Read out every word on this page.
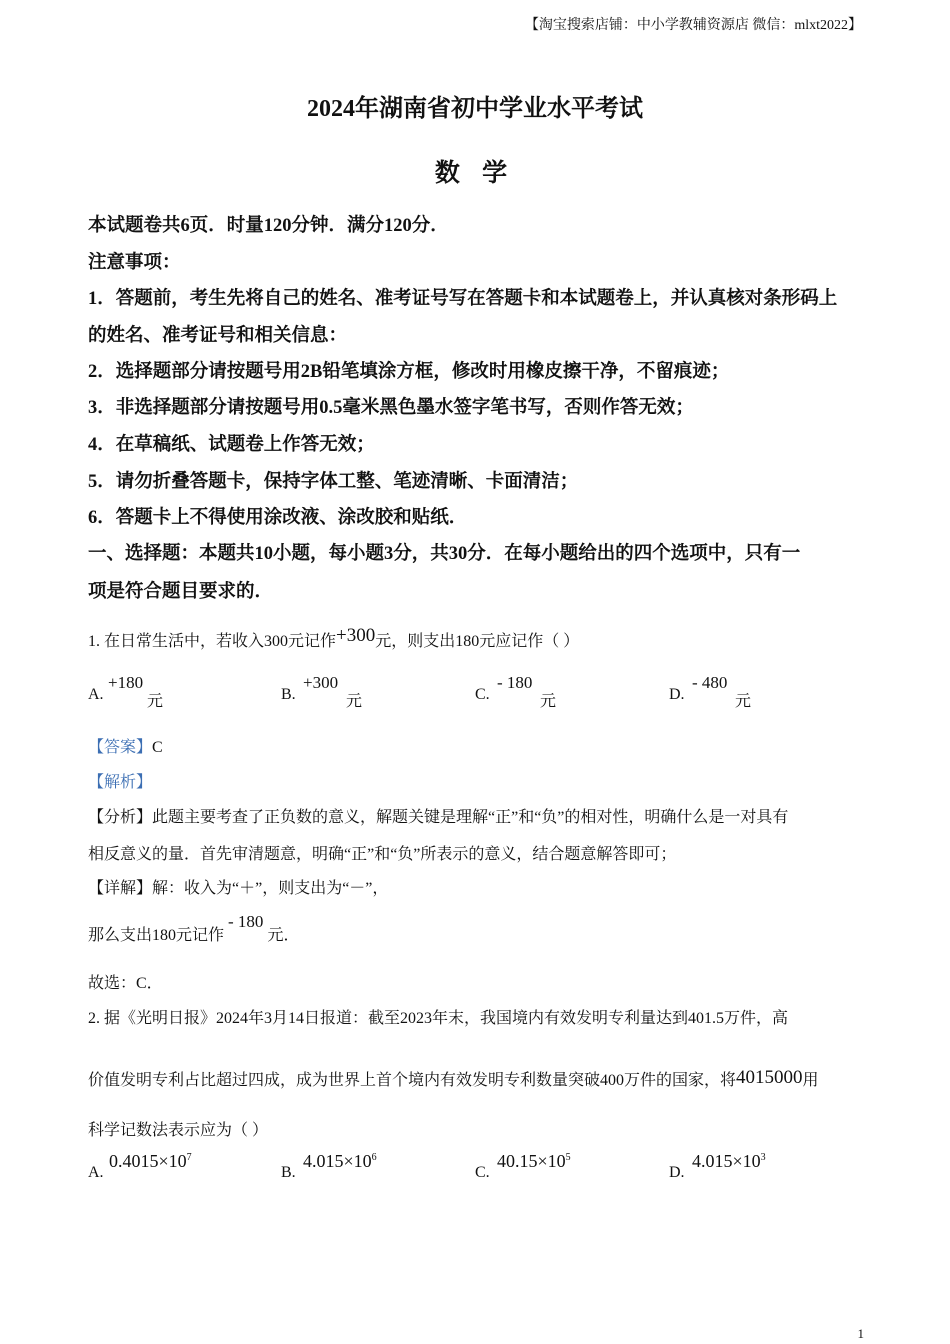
【淘宝搜索店铺：中小学教辅资源店 微信：mlxt2022】
2024年湖南省初中学业水平考试
数 学
本试题卷共6页．时量120分钟．满分120分．
注意事项：
1．答题前，考生先将自己的姓名、准考证号写在答题卡和本试题卷上，并认真核对条形码上
的姓名、准考证号和相关信息：
2．选择题部分请按题号用2B铅笔填涂方框，修改时用橡皮擦干净，不留痕迹；
3．非选择题部分请按题号用0.5毫米黑色墨水签字笔书写，否则作答无效；
4．在草稿纸、试题卷上作答无效；
5．请勿折叠答题卡，保持字体工整、笔迹清晰、卡面清洁；
6．答题卡上不得使用涂改液、涂改胶和贴纸．
一、选择题：本题共10小题，每小题3分，共30分．在每小题给出的四个选项中，只有一
项是符合题目要求的．
1. 在日常生活中，若收入300元记作+300元，则支出180元应记作（ ）
A.
+180
元	B.
+300
元	C.
- 180
元	D.
- 480
元
【答案】C
【解析】
【分析】此题主要考查了正负数的意义，解题关键是理解“正”和“负”的相对性，明确什么是一对具有
相反意义的量．首先审清题意，明确“正”和“负”所表示的意义，结合题意解答即可；
【详解】解：收入为“＋”，则支出为“－”，
那么支出180元记作- 180元．
故选：C．
2. 据《光明日报》2024年3月14日报道：截至2023年末，我国境内有效发明专利量达到401.5万件，高
价值发明专利占比超过四成，成为世界上首个境内有效发明专利数量突破400万件的国家，将4015000用
科学记数法表示应为（ ）
A.
$0.4015\times 10^7$
B.
$4.015\times 10^6$
C.
$40.15\times 10^5$
D.
$4.015\times 10^3$
1
